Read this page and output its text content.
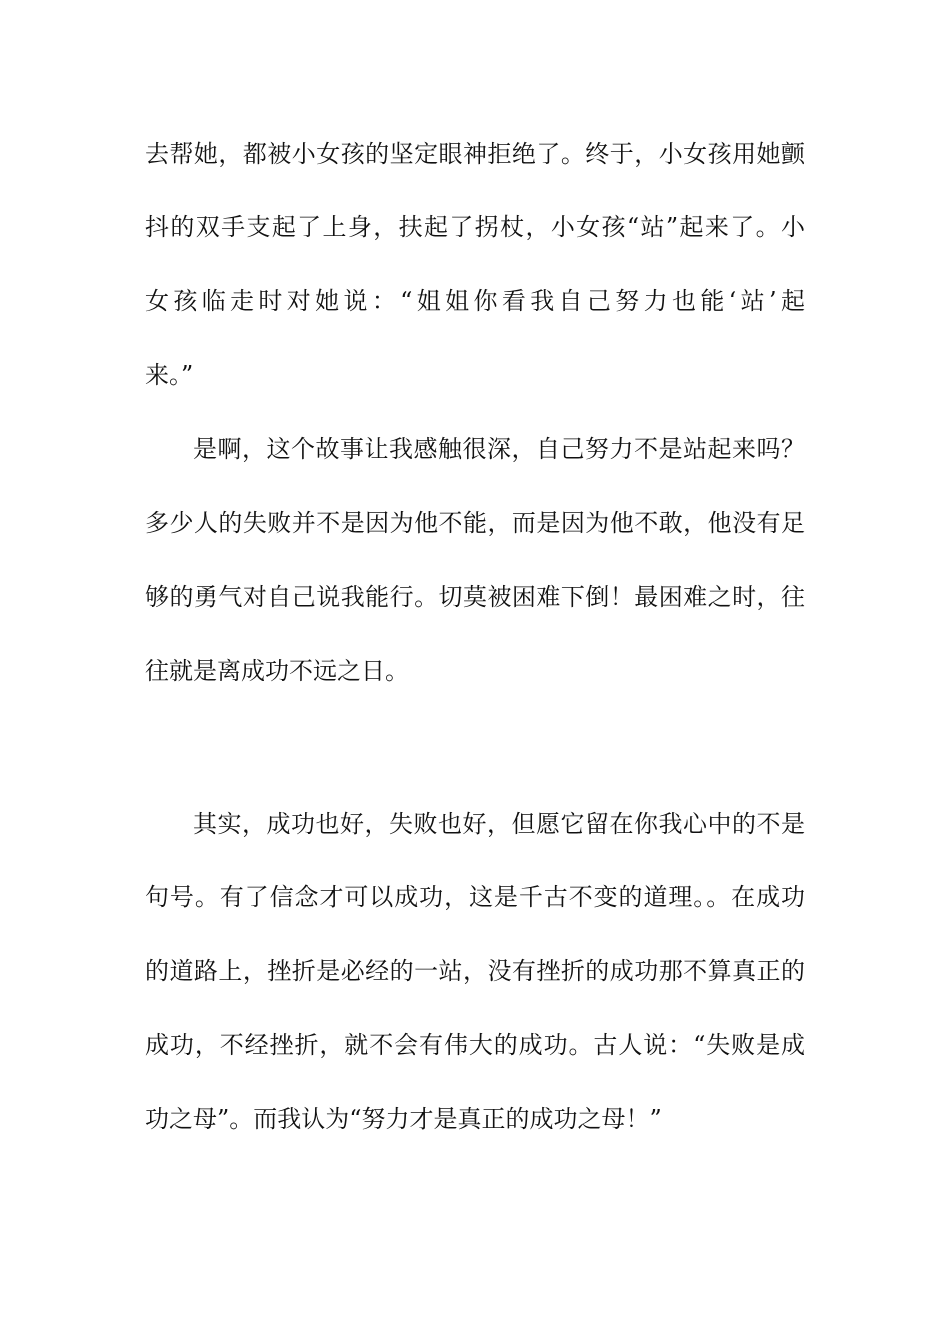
去帮她，都被小女孩的坚定眼神拒绝了。终于，小女孩用她颤
抖的双手支起了上身，扶起了拐杖，小女孩“站”起来了。小
女孩临走时对她说：“姐姐你看我自己努力也能‘站’起
来。”
是啊，这个故事让我感触很深，自己努力不是站起来吗？
多少人的失败并不是因为他不能，而是因为他不敢，他没有足
够的勇气对自己说我能行。切莫被困难下倒！最困难之时，往
往就是离成功不远之日。
其实，成功也好，失败也好，但愿它留在你我心中的不是
句号。有了信念才可以成功，这是千古不变的道理。。在成功
的道路上，挫折是必经的一站，没有挫折的成功那不算真正的
成功，不经挫折，就不会有伟大的成功。古人说：“失败是成
功之母”。而我认为“努力才是真正的成功之母！”
